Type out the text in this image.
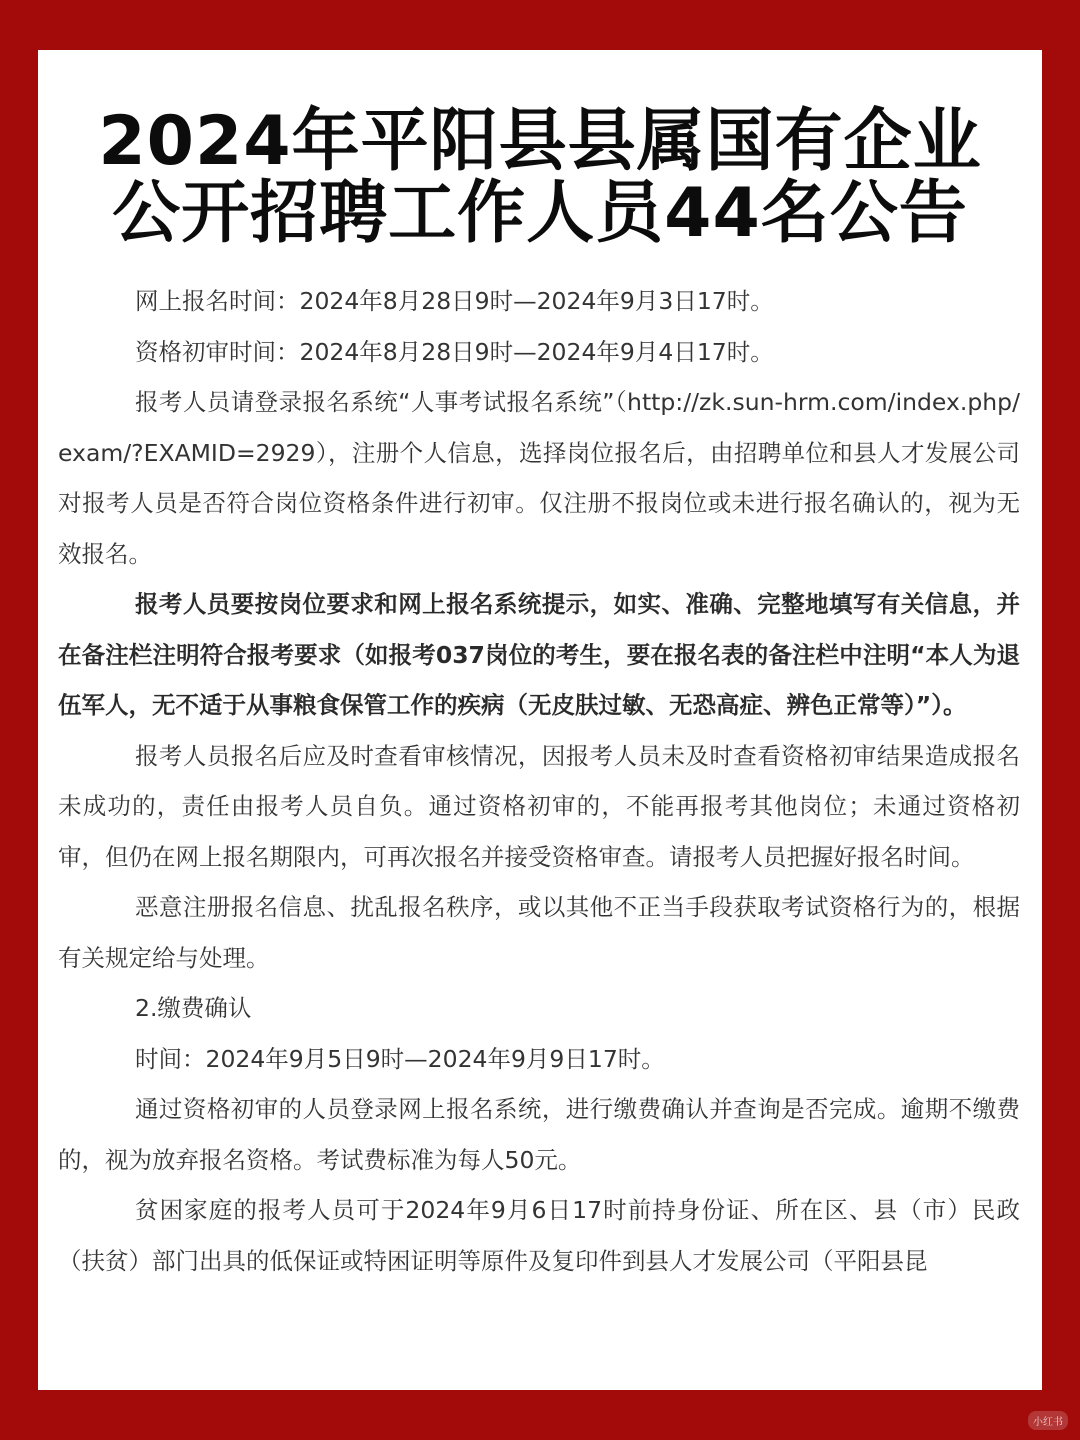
2024年平阳县县属国有企业
公开招聘工作人员44名公告

网上报名时间：2024年8月28日9时—2024年9月3日17时。

资格初审时间：2024年8月28日9时—2024年9月4日17时。

报考人员请登录报名系统“人事考试报名系统”（http://zk.sun-hrm.com/index.php/exam/?EXAMID=2929），注册个人信息，选择岗位报名后，由招聘单位和县人才发展公司对报考人员是否符合岗位资格条件进行初审。仅注册不报岗位或未进行报名确认的，视为无效报名。

报考人员要按岗位要求和网上报名系统提示，如实、准确、完整地填写有关信息，并在备注栏注明符合报考要求（如报考037岗位的考生，要在报名表的备注栏中注明“本人为退伍军人，无不适于从事粮食保管工作的疾病（无皮肤过敏、无恐高症、辨色正常等）”）。

报考人员报名后应及时查看审核情况，因报考人员未及时查看资格初审结果造成报名未成功的，责任由报考人员自负。通过资格初审的，不能再报考其他岗位；未通过资格初审，但仍在网上报名期限内，可再次报名并接受资格审查。请报考人员把握好报名时间。

恶意注册报名信息、扰乱报名秩序，或以其他不正当手段获取考试资格行为的，根据有关规定给与处理。

2.缴费确认

时间：2024年9月5日9时—2024年9月9日17时。

通过资格初审的人员登录网上报名系统，进行缴费确认并查询是否完成。逾期不缴费的，视为放弃报名资格。考试费标准为每人50元。

贫困家庭的报考人员可于2024年9月6日17时前持身份证、所在区、县（市）民政（扶贫）部门出具的低保证或特困证明等原件及复印件到县人才发展公司（平阳县昆

小红书
